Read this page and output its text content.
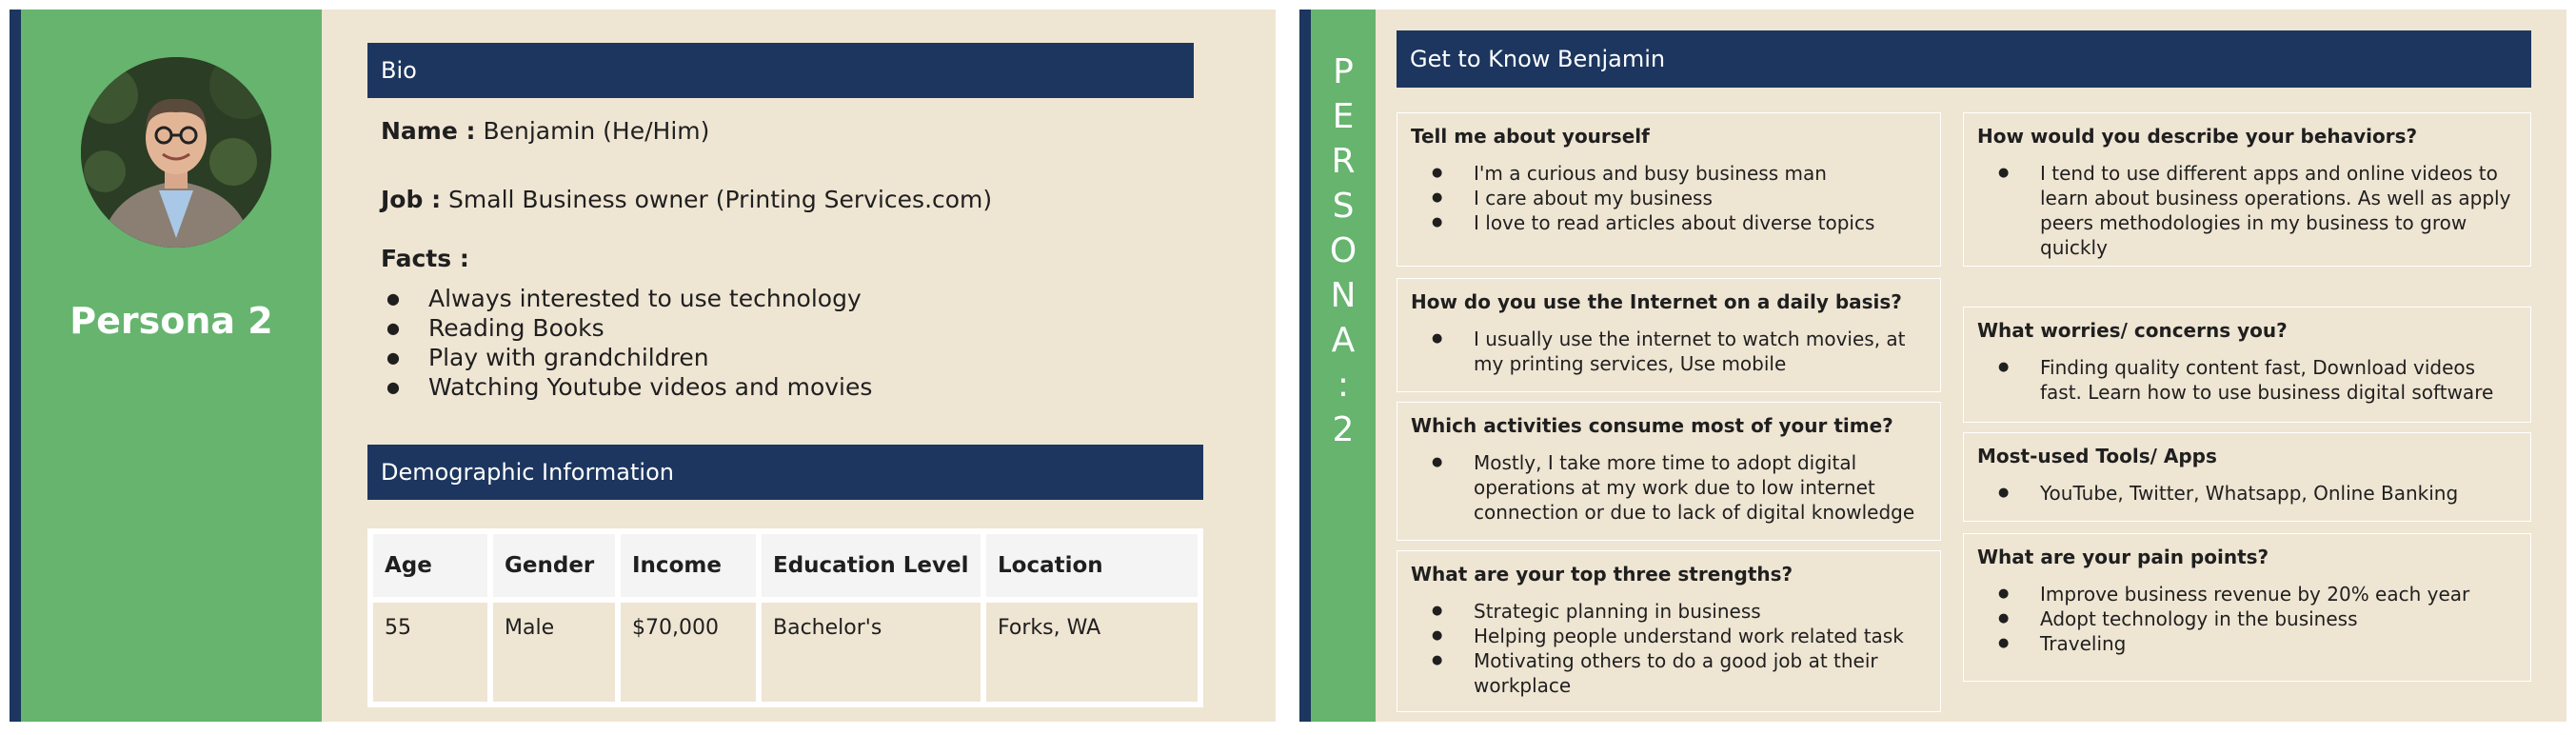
Persona 2
Bio
Name : Benjamin (He/Him)
Job : Small Business owner (Printing Services.com)
Facts :
● Always interested to use technology
● Reading Books
● Play with grandchildren
● Watching Youtube videos and movies
Demographic Information
Age	Gender	Income	Education Level	Location
55	Male	$70,000	Bachelor's	Forks, WA
P
E
R
S
O
N
A
:
2
Get to Know Benjamin
Tell me about yourself
● I'm a curious and busy business man
● I care about my business
● I love to read articles about diverse topics
How do you use the Internet on a daily basis?
● I usually use the internet to watch movies, at my printing services, Use mobile
Which activities consume most of your time?
● Mostly, I take more time to adopt digital operations at my work due to low internet connection or due to lack of digital knowledge
What are your top three strengths?
● Strategic planning in business
● Helping people understand work related task
● Motivating others to do a good job at their workplace
How would you describe your behaviors?
● I tend to use different apps and online videos to learn about business operations. As well as apply peers methodologies in my business to grow quickly
What worries/ concerns you?
● Finding quality content fast, Download videos fast. Learn how to use business digital software
Most-used Tools/ Apps
● YouTube, Twitter, Whatsapp, Online Banking
What are your pain points?
● Improve business revenue by 20% each year
● Adopt technology in the business
● Traveling
